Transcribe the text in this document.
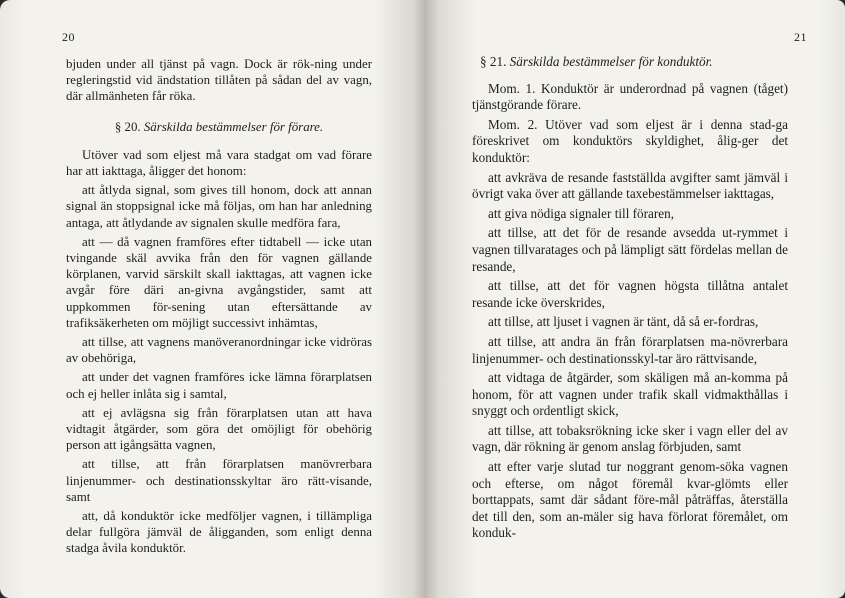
20

bjuden under all tjänst på vagn. Dock är rök-ning under regleringstid vid ändstation tillåten på sådan del av vagn, där allmänheten får röka.

§ 20. Särskilda bestämmelser för förare.

Utöver vad som eljest må vara stadgat om vad förare har att iakttaga, åligger det honom:

att åtlyda signal, som gives till honom, dock att annan signal än stoppsignal icke må följas, om han har anledning antaga, att åtlydande av signalen skulle medföra fara,

att — då vagnen framföres efter tidtabell — icke utan tvingande skäl avvika från den för vagnen gällande körplanen, varvid särskilt skall iakttagas, att vagnen icke avgår före däri an-givna avgångstider, samt att uppkommen för-sening utan eftersättande av trafiksäkerheten om möjligt successivt inhämtas,

att tillse, att vagnens manöveranordningar icke vidröras av obehöriga,

att under det vagnen framföres icke lämna förarplatsen och ej heller inlåta sig i samtal,

att ej avlägsna sig från förarplatsen utan att hava vidtagit åtgärder, som göra det omöjligt för obehörig person att igångsätta vagnen,

att tillse, att från förarplatsen manövrerbara linjenummer- och destinationsskyltar äro rätt-visande, samt

att, då konduktör icke medföljer vagnen, i tillämpliga delar fullgöra jämväl de åligganden, som enligt denna stadga åvila konduktör.

21

§ 21. Särskilda bestämmelser för konduktör.

Mom. 1. Konduktör är underordnad på vagnen (tåget) tjänstgörande förare.

Mom. 2. Utöver vad som eljest är i denna stad-ga föreskrivet om konduktörs skyldighet, ålig-ger det konduktör:

att avkräva de resande fastställda avgifter samt jämväl i övrigt vaka över att gällande taxebestämmelser iakttagas,

att giva nödiga signaler till föraren,

att tillse, att det för de resande avsedda ut-rymmet i vagnen tillvaratages och på lämpligt sätt fördelas mellan de resande,

att tillse, att det för vagnen högsta tillåtna antalet resande icke överskrides,

att tillse, att ljuset i vagnen är tänt, då så er-fordras,

att tillse, att andra än från förarplatsen ma-növrerbara linjenummer- och destinationsskyl-tar äro rättvisande,

att vidtaga de åtgärder, som skäligen må an-komma på honom, för att vagnen under trafik skall vidmakthållas i snyggt och ordentligt skick,

att tillse, att tobaksrökning icke sker i vagn eller del av vagn, där rökning är genom anslag förbjuden, samt

att efter varje slutad tur noggrant genom-söka vagnen och efterse, om något föremål kvar-glömts eller borttappats, samt där sådant före-mål påträffas, återställa det till den, som an-mäler sig hava förlorat föremålet, om konduk-
